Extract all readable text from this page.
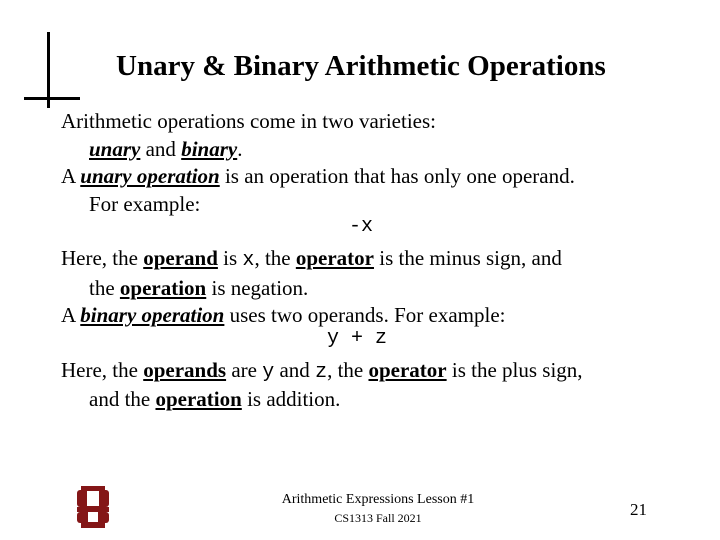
Unary & Binary Arithmetic Operations

Arithmetic operations come in two varieties:
unary and binary.

A unary operation is an operation that has only one operand.
For example:

-x

Here, the operand is x, the operator is the minus sign, and
the operation is negation.

A binary operation uses two operands. For example:

y + z

Here, the operands are y and z, the operator is the plus sign,
and the operation is addition.

Arithmetic Expressions Lesson #1
CS1313 Fall 2021	21
